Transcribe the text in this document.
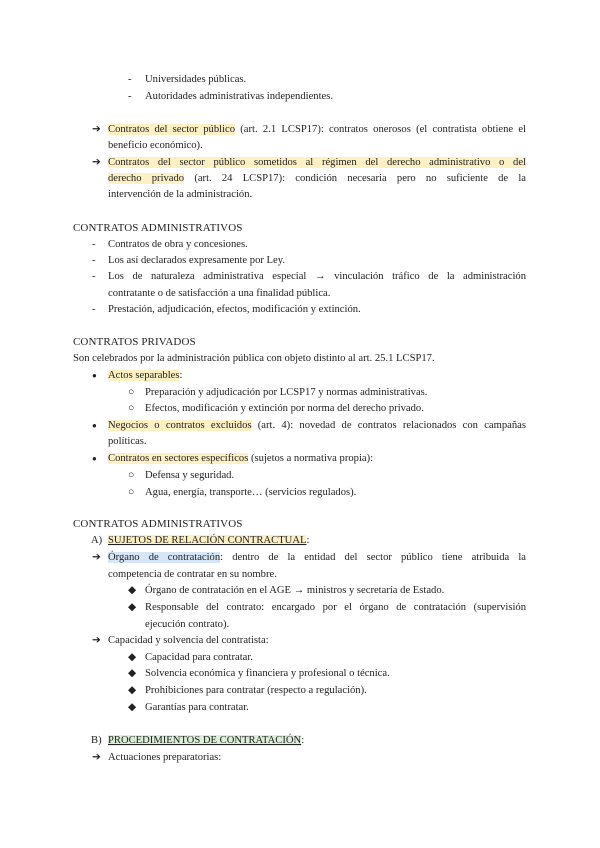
- Universidades públicas.
- Autoridades administrativas independientes.
➔ Contratos del sector público (art. 2.1 LCSP17): contratos onerosos (el contratista obtiene el
beneficio económico).
➔ Contratos del sector público sometidos al régimen del derecho administrativo o del
derecho privado (art. 24 LCSP17): condición necesaria pero no suficiente de la
intervención de la administración.
CONTRATOS ADMINISTRATIVOS
- Contratos de obra y concesiones.
- Los así declarados expresamente por Ley.
- Los de naturaleza administrativa especial → vinculación tráfico de la administración
contratante o de satisfacción a una finalidad pública.
- Prestación, adjudicación, efectos, modificación y extinción.
CONTRATOS PRIVADOS
Son celebrados por la administración pública con objeto distinto al art. 25.1 LCSP17.
● Actos separables:
○ Preparación y adjudicación por LCSP17 y normas administrativas.
○ Efectos, modificación y extinción por norma del derecho privado.
● Negocios o contratos excluidos (art. 4): novedad de contratos relacionados con campañas
políticas.
● Contratos en sectores específicos (sujetos a normativa propia):
○ Defensa y seguridad.
○ Agua, energía, transporte… (servicios regulados).
CONTRATOS ADMINISTRATIVOS
A) SUJETOS DE RELACIÓN CONTRACTUAL:
➔ Órgano de contratación: dentro de la entidad del sector público tiene atribuida la
competencia de contratar en su nombre.
◆ Órgano de contratación en el AGE → ministros y secretaría de Estado.
◆ Responsable del contrato: encargado por el órgano de contratación (supervisión
ejecución contrato).
➔ Capacidad y solvencia del contratista:
◆ Capacidad para contratar.
◆ Solvencia económica y financiera y profesional o técnica.
◆ Prohibiciones para contratar (respecto a regulación).
◆ Garantías para contratar.
B) PROCEDIMIENTOS DE CONTRATACIÓN:
➔ Actuaciones preparatorias:
